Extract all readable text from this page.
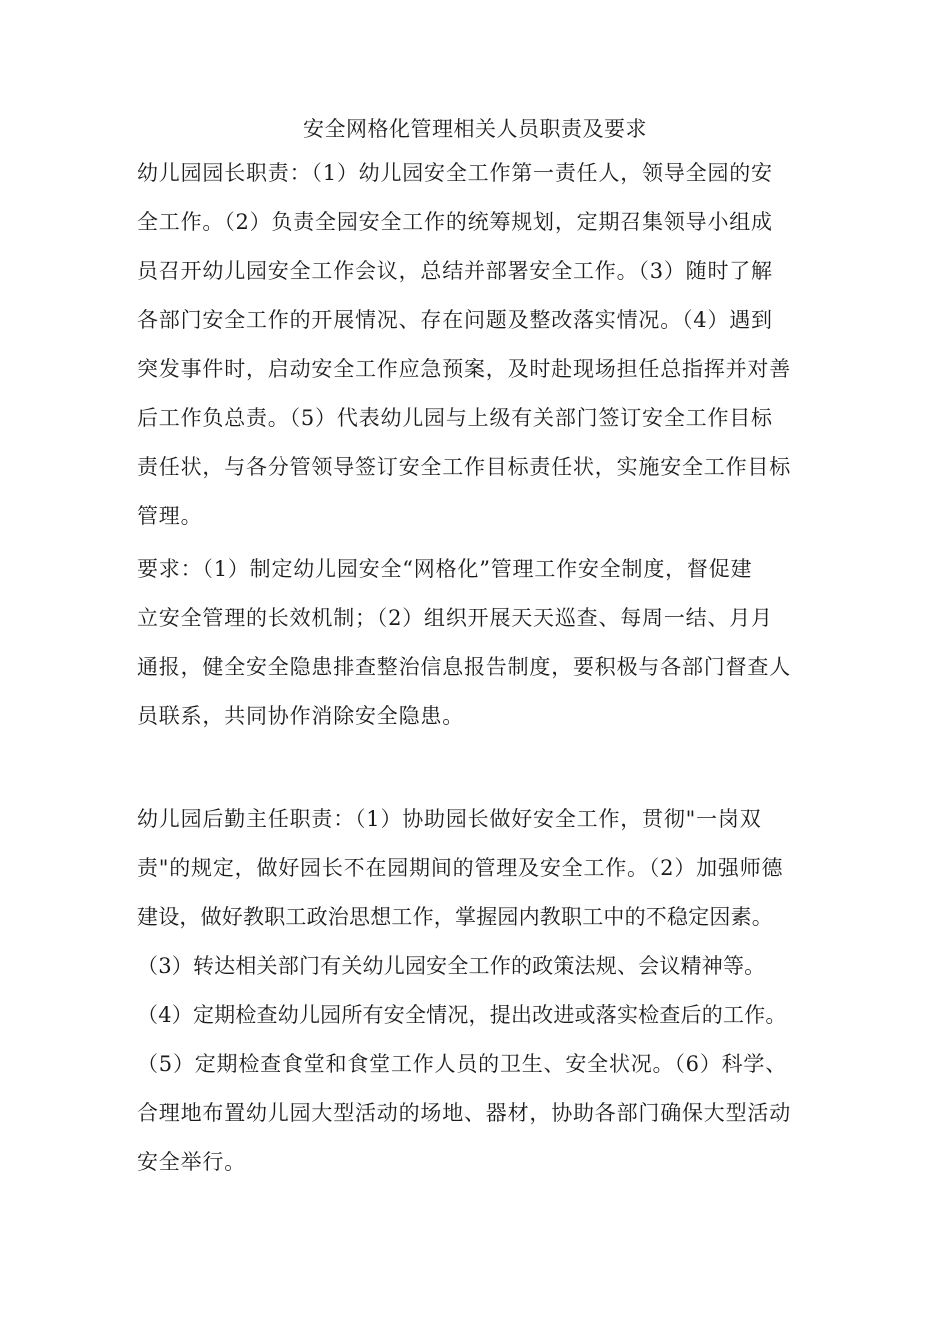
安全网格化管理相关人员职责及要求
幼儿园园长职责：（1）幼儿园安全工作第一责任人，领导全园的安
全工作。（2）负责全园安全工作的统筹规划，定期召集领导小组成
员召开幼儿园安全工作会议，总结并部署安全工作。（3）随时了解
各部门安全工作的开展情况、存在问题及整改落实情况。（4）遇到
突发事件时，启动安全工作应急预案，及时赴现场担任总指挥并对善
后工作负总责。（5）代表幼儿园与上级有关部门签订安全工作目标
责任状，与各分管领导签订安全工作目标责任状，实施安全工作目标
管理。
要求：（1）制定幼儿园安全“网格化”管理工作安全制度，督促建
立安全管理的长效机制；（2）组织开展天天巡查、每周一结、月月
通报，健全安全隐患排查整治信息报告制度，要积极与各部门督查人
员联系，共同协作消除安全隐患。
幼儿园后勤主任职责：（1）协助园长做好安全工作，贯彻"一岗双
责"的规定，做好园长不在园期间的管理及安全工作。（2）加强师德
建设，做好教职工政治思想工作，掌握园内教职工中的不稳定因素。
（3）转达相关部门有关幼儿园安全工作的政策法规、会议精神等。
（4）定期检查幼儿园所有安全情况，提出改进或落实检查后的工作。
（5）定期检查食堂和食堂工作人员的卫生、安全状况。（6）科学、
合理地布置幼儿园大型活动的场地、器材，协助各部门确保大型活动
安全举行。
